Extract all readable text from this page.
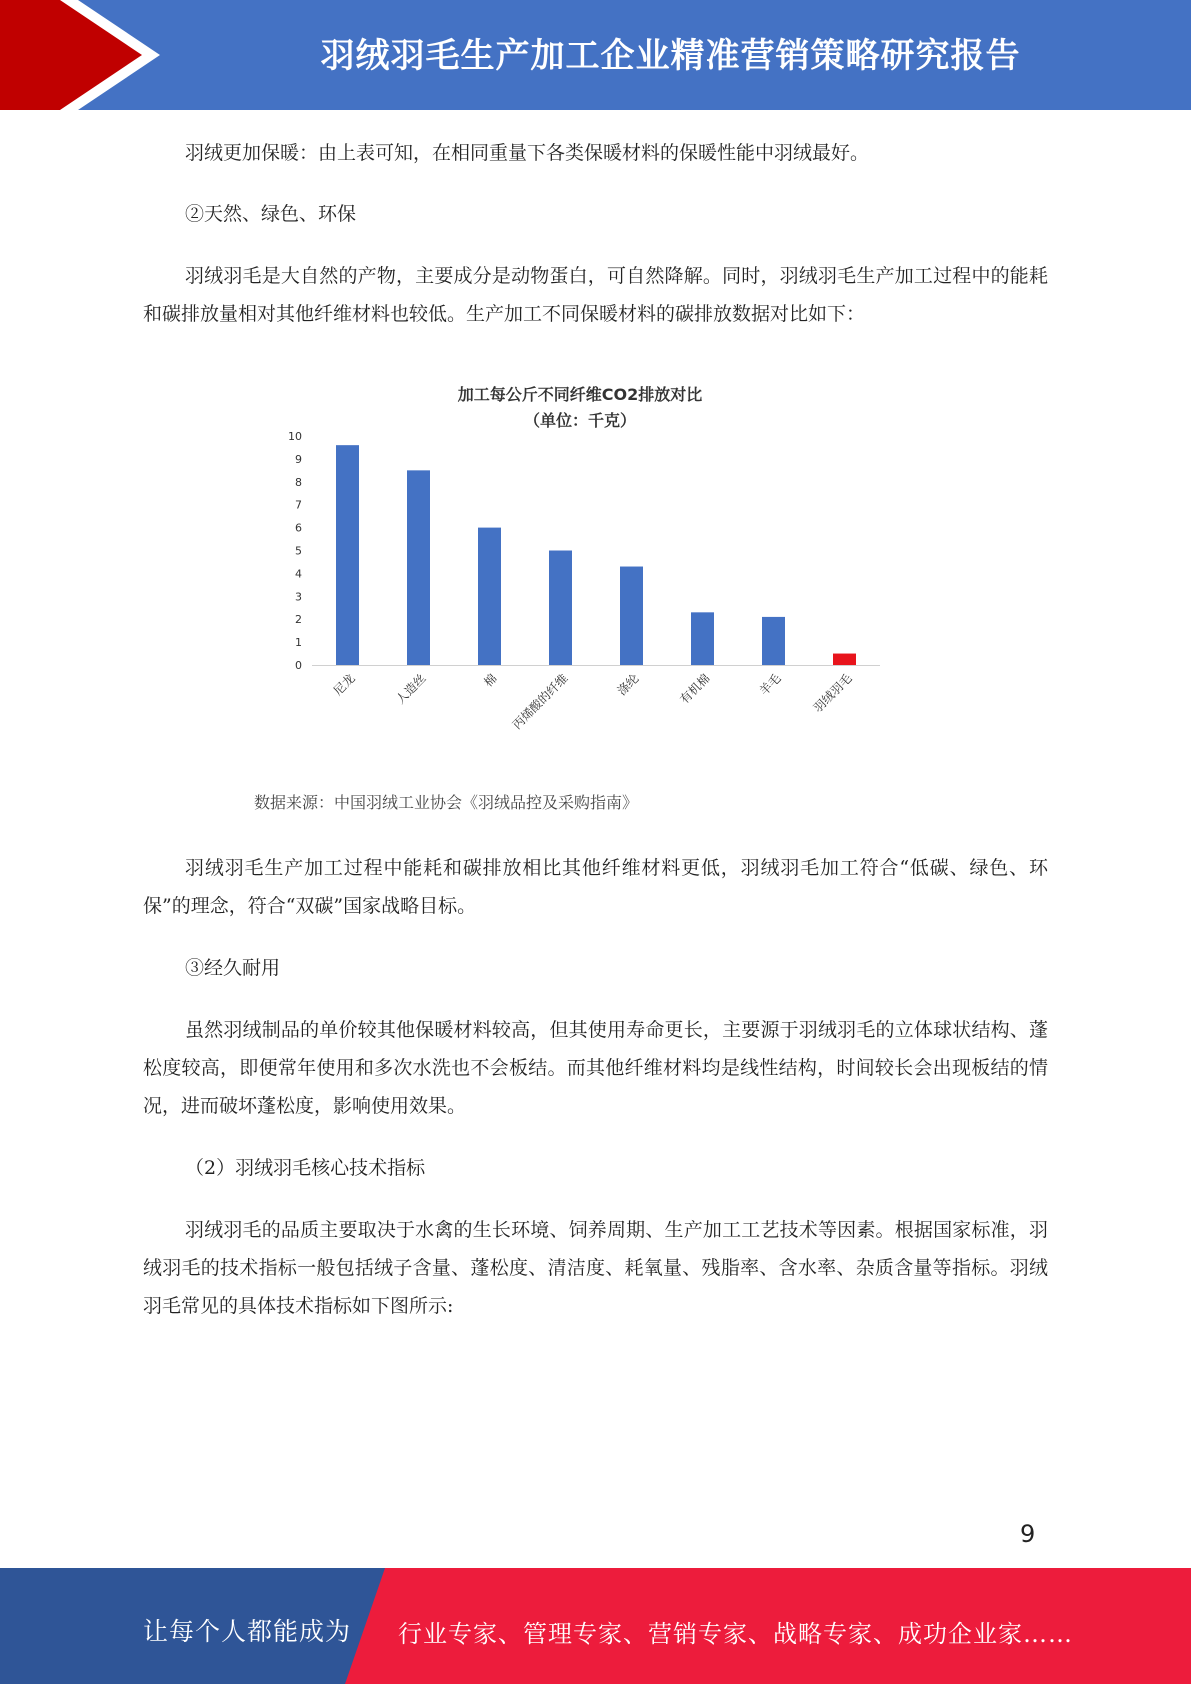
羽绒羽毛生产加工企业精准营销策略研究报告

羽绒更加保暖：由上表可知，在相同重量下各类保暖材料的保暖性能中羽绒最好。

②天然、绿色、环保

羽绒羽毛是大自然的产物，主要成分是动物蛋白，可自然降解。同时，羽绒羽毛生产加工过程中的能耗和碳排放量相对其他纤维材料也较低。生产加工不同保暖材料的碳排放数据对比如下：

加工每公斤不同纤维CO2排放对比
（单位：千克）
0
1
2
3
4
5
6
7
8
9
10
尼龙	人造丝	棉 丙烯酸的纤维	涤纶	有机棉	羊毛 羽绒羽毛
数据来源：中国羽绒工业协会《羽绒品控及采购指南》

羽绒羽毛生产加工过程中能耗和碳排放相比其他纤维材料更低，羽绒羽毛加工符合“低碳、绿色、环保”的理念，符合“双碳”国家战略目标。

③经久耐用

虽然羽绒制品的单价较其他保暖材料较高，但其使用寿命更长，主要源于羽绒羽毛的立体球状结构、蓬松度较高，即便常年使用和多次水洗也不会板结。而其他纤维材料均是线性结构，时间较长会出现板结的情况，进而破坏蓬松度，影响使用效果。

（2）羽绒羽毛核心技术指标

羽绒羽毛的品质主要取决于水禽的生长环境、饲养周期、生产加工工艺技术等因素。根据国家标准，羽绒羽毛的技术指标一般包括绒子含量、蓬松度、清洁度、耗氧量、残脂率、含水率、杂质含量等指标。羽绒羽毛常见的具体技术指标如下图所示:

9
让每个人都能成为 行业专家、管理专家、营销专家、战略专家、成功企业家……
